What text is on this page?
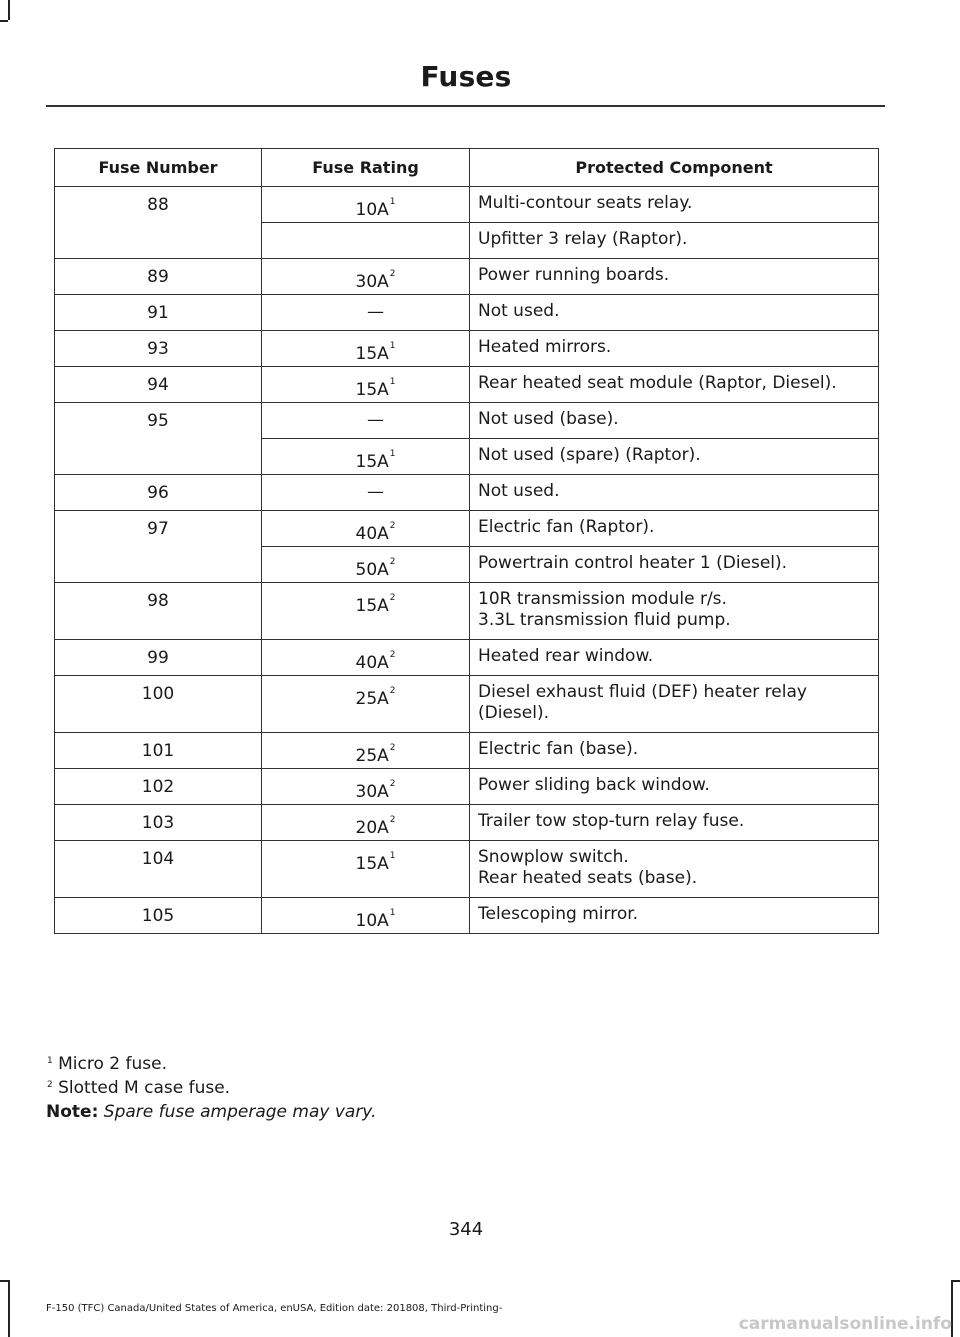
Fuses
Fuse Number	Fuse Rating	Protected Component
88	$10A^1$	Multi-contour seats relay.

		Upfitter 3 relay (Raptor).

89	$30A^2$	Power running boards.

91	—	Not used.

93	$15A^1$	Heated mirrors.

94	$15A^1$	Rear heated seat module (Raptor, Diesel).

95	—	Not used (base).

	$15A^1$	Not used (spare) (Raptor).

96	—	Not used.

97	$40A^2$	Electric fan (Raptor).

	$50A^2$	Powertrain control heater 1 (Diesel).

98	$15A^2$	10R transmission module r/s.
3.3L transmission fluid pump.

99	$40A^2$	Heated rear window.

100	$25A^2$	Diesel exhaust fluid (DEF) heater relay
(Diesel).

101	$25A^2$	Electric fan (base).

102	$30A^2$	Power sliding back window.

103	$20A^2$	Trailer tow stop-turn relay fuse.

104	$15A^1$	Snowplow switch.
Rear heated seats (base).

105	$10A^1$	Telescoping mirror.
$^1$ Micro 2 fuse.
$^2$ Slotted M case fuse.
Note: Spare fuse amperage may vary.
344
F-150 (TFC) Canada/United States of America, enUSA, Edition date: 201808, Third-Printing-
carmanualsonline.info
